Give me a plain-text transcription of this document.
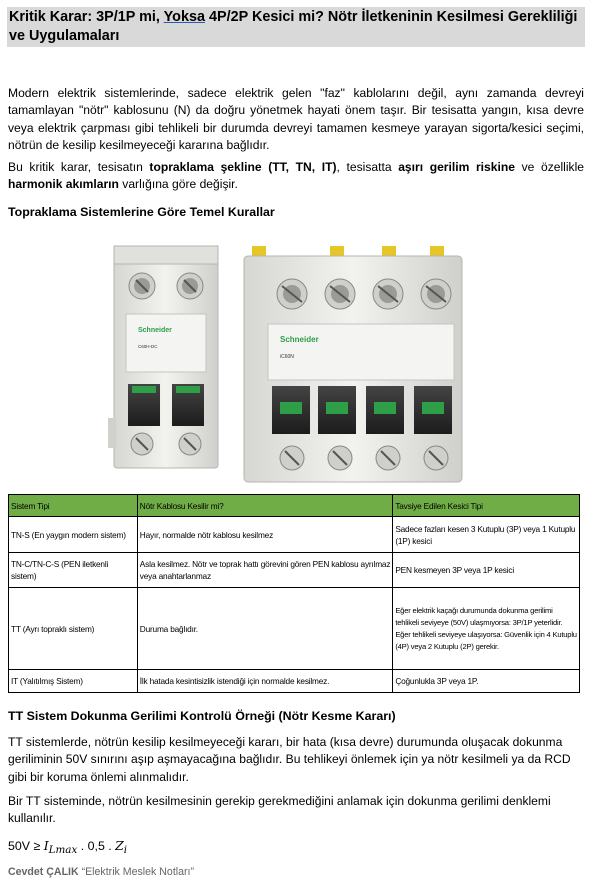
Kritik Karar: 3P/1P mi, Yoksa 4P/2P Kesici mi? Nötr İletkeninin Kesilmesi Gerekliliği ve Uygulamaları
Modern elektrik sistemlerinde, sadece elektrik gelen "faz" kablolarını değil, aynı zamanda devreyi tamamlayan "nötr" kablosunu (N) da doğru yönetmek hayati önem taşır. Bir tesisatta yangın, kısa devre veya elektrik çarpması gibi tehlikeli bir durumda devreyi tamamen kesmeye yarayan sigorta/kesici seçimi, nötrün de kesilip kesilmeyeceği kararına bağlıdır.
Bu kritik karar, tesisatın topraklama şekline (TT, TN, IT), tesisatta aşırı gerilim riskine ve özellikle harmonik akımların varlığına göre değişir.
Topraklama Sistemlerine Göre Temel Kurallar
Schneider
C60H-DC
Schneider
iC60N
Sistem Tipi	Nötr Kablosu Kesilir mi?	Tavsiye Edilen Kesici Tipi
TN-S (En yaygın modern sistem)	Hayır, normalde nötr kablosu kesilmez	Sadece fazları kesen 3 Kutuplu (3P) veya 1 Kutuplu (1P) kesici
TN-C/TN-C-S (PEN iletkenli sistem)	Asla kesilmez. Nötr ve toprak hattı görevini gören PEN kablosu ayrılmaz veya anahtarlanmaz	PEN kesmeyen 3P veya 1P kesici
TT (Ayrı topraklı sistem)	Duruma bağlıdır.	Eğer elektrik kaçağı durumunda dokunma gerilimi tehlikeli seviyeye (50V) ulaşmıyorsa: 3P/1P yeterlidir. Eğer tehlikeli seviyeye ulaşıyorsa: Güvenlik için 4 Kutuplu (4P) veya 2 Kutuplu (2P) gerekir.
IT (Yalıtılmış Sistem)	İlk hatada kesintisizlik istendiği için normalde kesilmez.	Çoğunlukla 3P veya 1P.
TT Sistem Dokunma Gerilimi Kontrolü Örneği (Nötr Kesme Kararı)
TT sistemlerde, nötrün kesilip kesilmeyeceği kararı, bir hata (kısa devre) durumunda oluşacak dokunma geriliminin 50V sınırını aşıp aşmayacağına bağlıdır. Bu tehlikeyi önlemek için ya nötr kesilmeli ya da RCD gibi bir koruma önlemi alınmalıdır.
Bir TT sisteminde, nötrün kesilmesinin gerekip gerekmediğini anlamak için dokunma gerilimi denklemi kullanılır.
$50V \ge I_{Lmax}$ . 0,5 . $Z_i$
Cevdet ÇALIK “Elektrik Meslek Notları”
